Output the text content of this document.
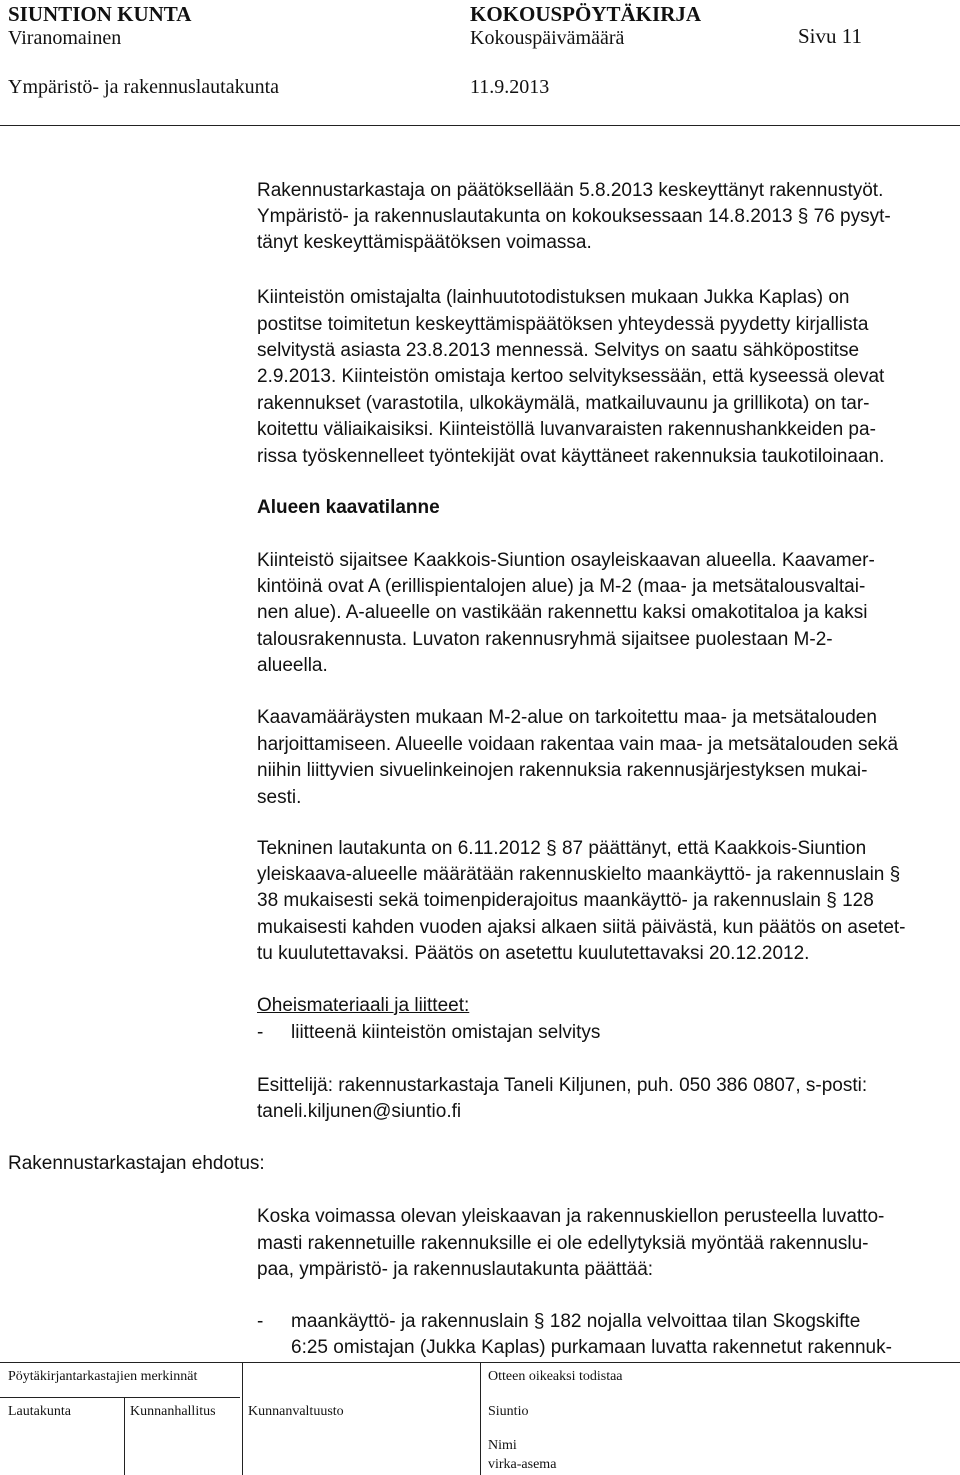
SIUNTION KUNTA	KOKOUSPÖYTÄKIRJA
Viranomainen	Kokouspäivämäärä	Sivu 11
Ympäristö- ja rakennuslautakunta	11.9.2013
Rakennustarkastaja on päätöksellään 5.8.2013 keskeyttänyt rakennustyöt.
Ympäristö- ja rakennuslautakunta on kokouksessaan 14.8.2013 § 76 pysyt-
tänyt keskeyttämispäätöksen voimassa.
Kiinteistön omistajalta (lainhuutotodistuksen mukaan Jukka Kaplas) on
postitse toimitetun keskeyttämispäätöksen yhteydessä pyydetty kirjallista
selvitystä asiasta 23.8.2013 mennessä. Selvitys on saatu sähköpostitse
2.9.2013. Kiinteistön omistaja kertoo selvityksessään, että kyseessä olevat
rakennukset (varastotila, ulkokäymälä, matkailuvaunu ja grillikota) on tar-
koitettu väliaikaisiksi. Kiinteistöllä luvanvaraisten rakennushankkeiden pa-
rissa työskennelleet työntekijät ovat käyttäneet rakennuksia taukotiloinaan.
Alueen kaavatilanne
Kiinteistö sijaitsee Kaakkois-Siuntion osayleiskaavan alueella. Kaavamer-
kintöinä ovat A (erillispientalojen alue) ja M-2 (maa- ja metsätalousvaltai-
nen alue). A-alueelle on vastikään rakennettu kaksi omakotitaloa ja kaksi
talousrakennusta. Luvaton rakennusryhmä sijaitsee puolestaan M-2-
alueella.
Kaavamääräysten mukaan M-2-alue on tarkoitettu maa- ja metsätalouden
harjoittamiseen. Alueelle voidaan rakentaa vain maa- ja metsätalouden sekä
niihin liittyvien sivuelinkeinojen rakennuksia rakennusjärjestyksen mukai-
sesti.
Tekninen lautakunta on 6.11.2012 § 87 päättänyt, että Kaakkois-Siuntion
yleiskaava-alueelle määrätään rakennuskielto maankäyttö- ja rakennuslain §
38 mukaisesti sekä toimenpiderajoitus maankäyttö- ja rakennuslain § 128
mukaisesti kahden vuoden ajaksi alkaen siitä päivästä, kun päätös on asetet-
tu kuulutettavaksi. Päätös on asetettu kuulutettavaksi 20.12.2012.
Oheismateriaali ja liitteet:
- liitteenä kiinteistön omistajan selvitys
Esittelijä: rakennustarkastaja Taneli Kiljunen, puh. 050 386 0807, s-posti:
taneli.kiljunen@siuntio.fi
Rakennustarkastajan ehdotus:
Koska voimassa olevan yleiskaavan ja rakennuskiellon perusteella luvatto-
masti rakennetuille rakennuksille ei ole edellytyksiä myöntää rakennuslu-
paa, ympäristö- ja rakennuslautakunta päättää:
- maankäyttö- ja rakennuslain § 182 nojalla velvoittaa tilan Skogskifte
6:25 omistajan (Jukka Kaplas) purkamaan luvatta rakennetut rakennuk-
Pöytäkirjantarkastajien merkinnät	Otteen oikeaksi todistaa
Lautakunta	Kunnanhallitus Kunnanvaltuusto	Siuntio
Nimi
virka-asema
